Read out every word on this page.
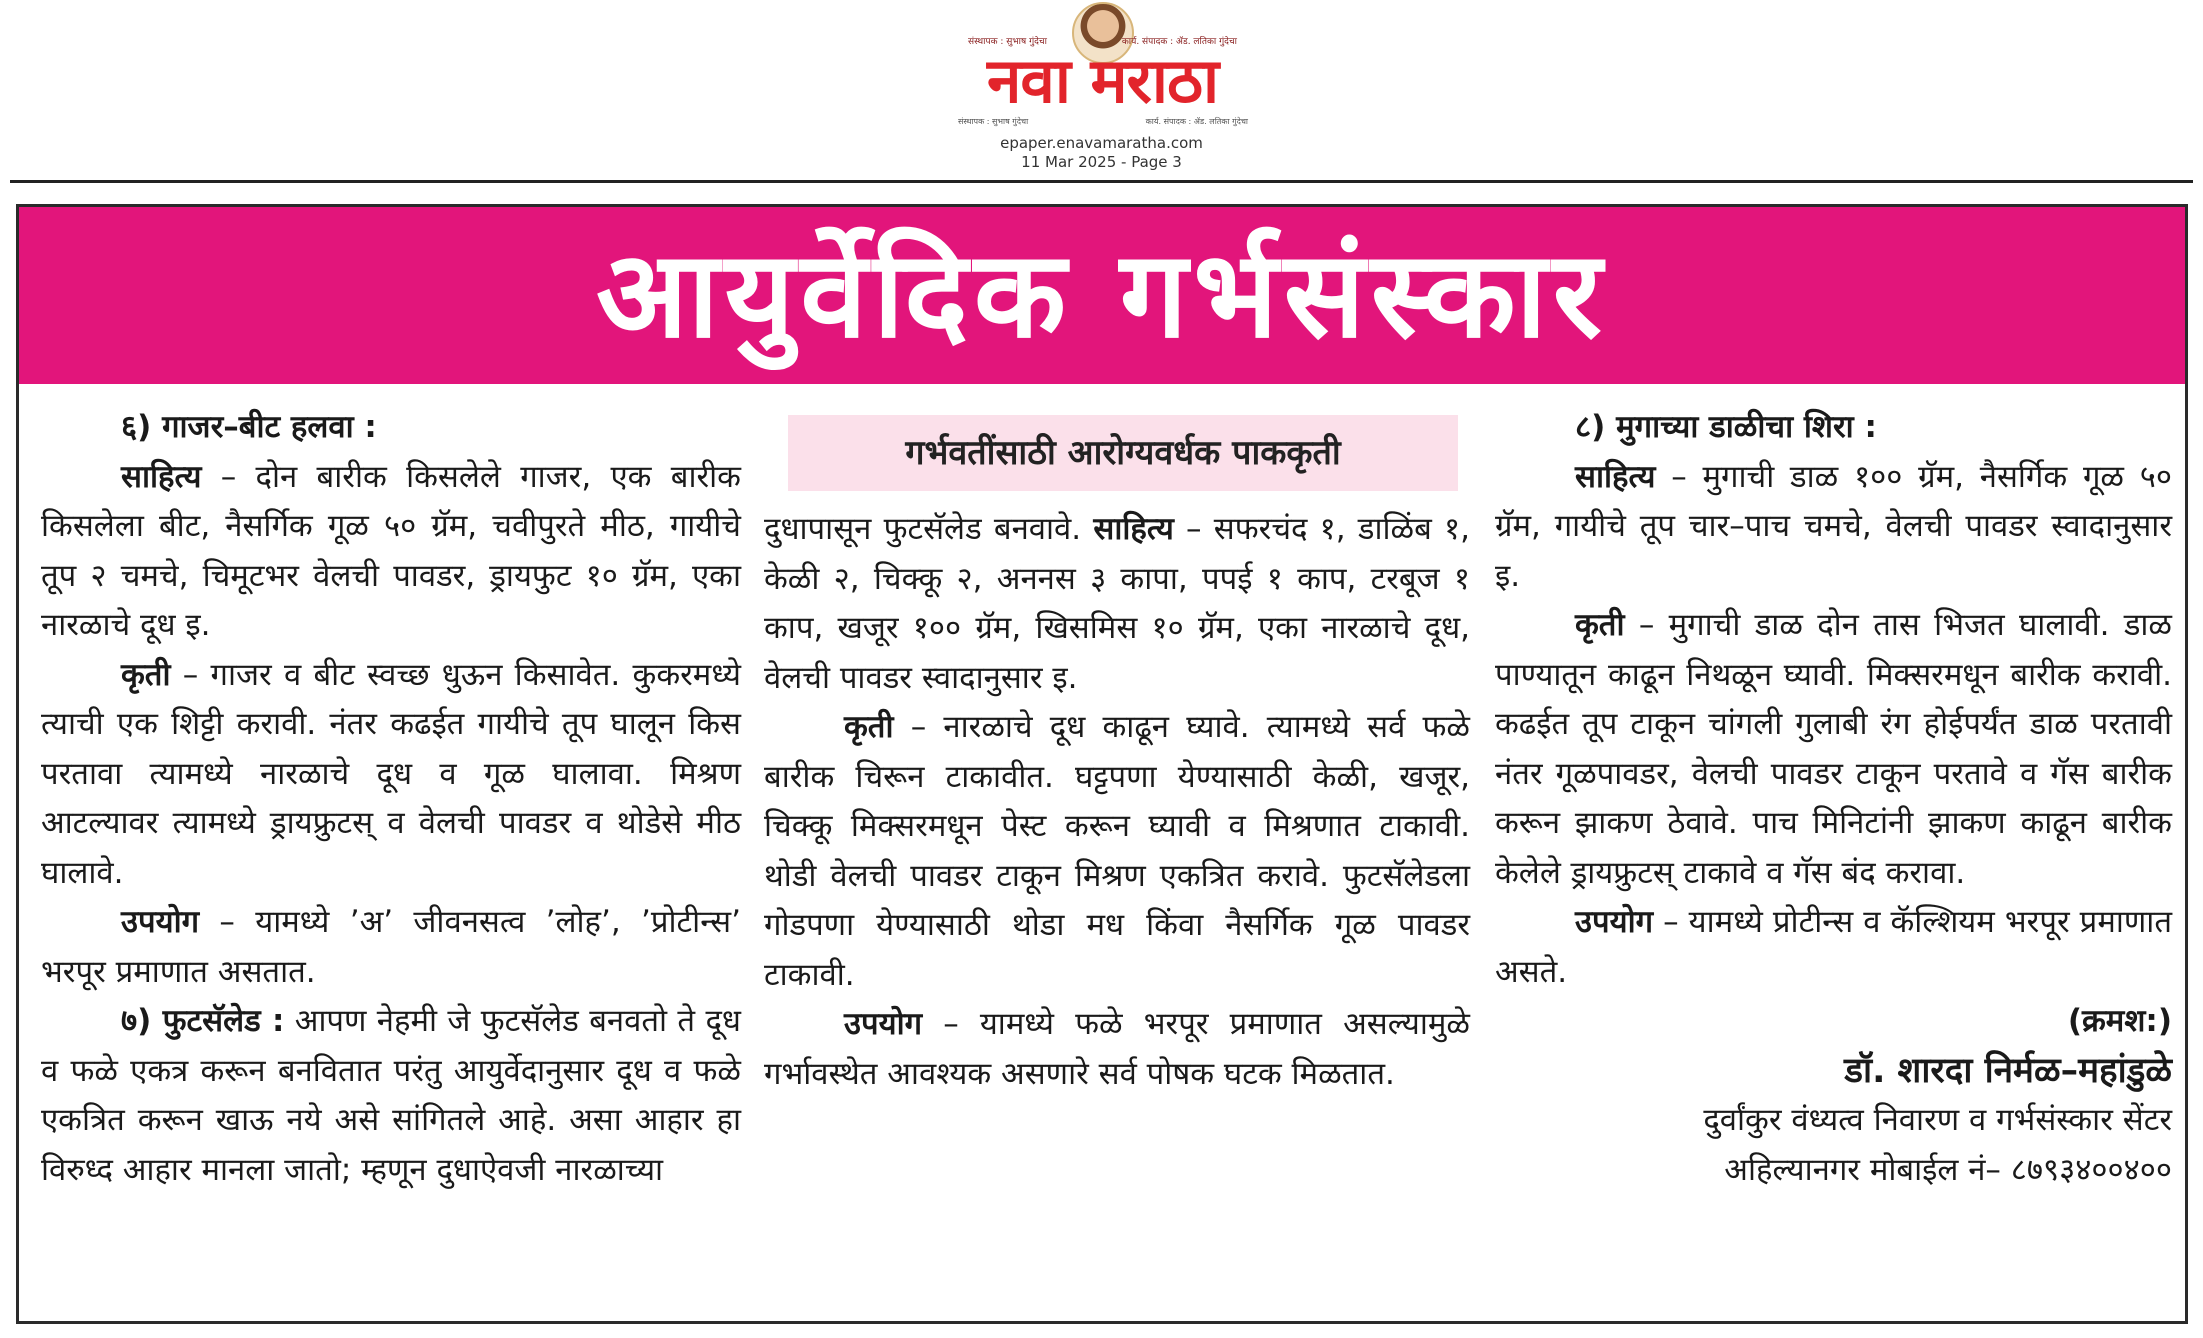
संस्थापक : सुभाष गुंदेचा	कार्य. संपादक : ॲड. लतिका गुंदेचा
नवा मराठा
संस्थापक : सुभाष गुंदेचा	कार्य. संपादक : ॲड. लतिका गुंदेचा
epaper.enavamaratha.com
11 Mar 2025 - Page 3
आयुर्वेदिक गर्भसंस्कार

६) गाजर–बीट हलवा :

साहित्य – दोन बारीक किसलेले गाजर, एक बारीक किसलेला बीट, नैसर्गिक गूळ ५० ग्रॅम, चवीपुरते मीठ, गायीचे तूप २ चमचे, चिमूटभर वेलची पावडर, ड्रायफुट १० ग्रॅम, एका नारळाचे दूध इ.

कृती – गाजर व बीट स्वच्छ धुऊन किसावेत. कुकरमध्ये त्याची एक शिट्टी करावी. नंतर कढईत गायीचे तूप घालून किस परतावा त्यामध्ये नारळाचे दूध व गूळ घालावा. मिश्रण आटल्यावर त्यामध्ये ड्रायफ्रुटस् व वेलची पावडर व थोडेसे मीठ घालावे.

उपयोग – यामध्ये ’अ’ जीवनसत्व ’लोह’, ’प्रोटीन्स’ भरपूर प्रमाणात असतात.

७) फुटसॅलेड : आपण नेहमी जे फुटसॅलेड बनवतो ते दूध व फळे एकत्र करून बनवितात परंतु आयुर्वेदानुसार दूध व फळे एकत्रित करून खाऊ नये असे सांगितले आहे. असा आहार हा विरुध्द आहार मानला जातो; म्हणून दुधाऐवजी नारळाच्या

गर्भवतींसाठी आरोग्यवर्धक पाककृती

दुधापासून फुटसॅलेड बनवावे. साहित्य – सफरचंद १, डाळिंब १, केळी २, चिक्कू २, अननस ३ कापा, पपई १ काप, टरबूज १ काप, खजूर १०० ग्रॅम, खिसमिस १० ग्रॅम, एका नारळाचे दूध, वेलची पावडर स्वादानुसार इ.

कृती – नारळाचे दूध काढून घ्यावे. त्यामध्ये सर्व फळे बारीक चिरून टाकावीत. घट्टपणा येण्यासाठी केळी, खजूर, चिक्कू मिक्सरमधून पेस्ट करून घ्यावी व मिश्रणात टाकावी. थोडी वेलची पावडर टाकून मिश्रण एकत्रित करावे. फुटसॅलेडला गोडपणा येण्यासाठी थोडा मध किंवा नैसर्गिक गूळ पावडर टाकावी.

उपयोग – यामध्ये फळे भरपूर प्रमाणात असल्यामुळे गर्भावस्थेत आवश्यक असणारे सर्व पोषक घटक मिळतात.

८) मुगाच्या डाळीचा शिरा :

साहित्य – मुगाची डाळ १०० ग्रॅम, नैसर्गिक गूळ ५० ग्रॅम, गायीचे तूप चार–पाच चमचे, वेलची पावडर स्वादानुसार इ.

कृती – मुगाची डाळ दोन तास भिजत घालावी. डाळ पाण्यातून काढून निथळून घ्यावी. मिक्सरमधून बारीक करावी. कढईत तूप टाकून चांगली गुलाबी रंग होईपर्यंत डाळ परतावी नंतर गूळपावडर, वेलची पावडर टाकून परतावे व गॅस बारीक करून झाकण ठेवावे. पाच मिनिटांनी झाकण काढून बारीक केलेले ड्रायफ्रुटस् टाकावे व गॅस बंद करावा.

उपयोग – यामध्ये प्रोटीन्स व कॅल्शियम भरपूर प्रमाणात असते.

(क्रमश:)

डॉ. शारदा निर्मळ–महांडुळे

दुर्वांकुर वंध्यत्व निवारण व गर्भसंस्कार सेंटर

अहिल्यानगर मोबाईल नं– ८७९३४००४००
